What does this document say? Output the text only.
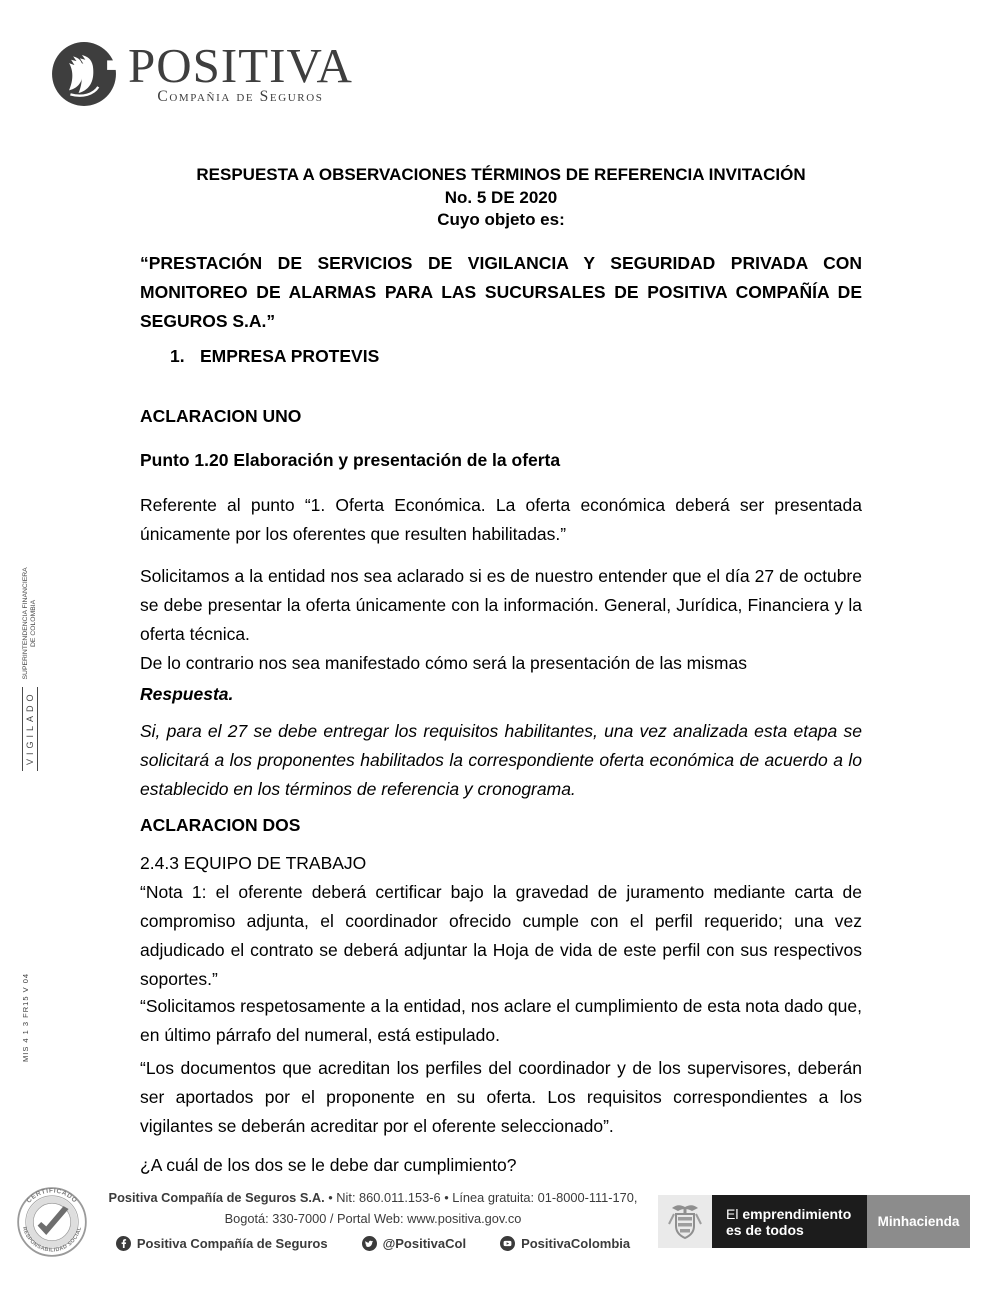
POSITIVA
Compañia de Seguros
RESPUESTA A OBSERVACIONES TÉRMINOS DE REFERENCIA INVITACIÓN
No. 5 DE 2020
Cuyo objeto es:
“PRESTACIÓN DE SERVICIOS DE VIGILANCIA Y SEGURIDAD PRIVADA CON MONITOREO DE ALARMAS PARA LAS SUCURSALES DE POSITIVA COMPAÑÍA DE SEGUROS S.A.”
1. EMPRESA PROTEVIS
ACLARACION UNO
Punto 1.20 Elaboración y presentación de la oferta
Referente al punto “1. Oferta Económica. La oferta económica deberá ser presentada únicamente por los oferentes que resulten habilitadas.”
Solicitamos a la entidad nos sea aclarado si es de nuestro entender que el día 27 de octubre se debe presentar la oferta únicamente con la información. General, Jurídica, Financiera y la oferta técnica.
De lo contrario nos sea manifestado cómo será la presentación de las mismas
Respuesta.
Si, para el 27 se debe entregar los requisitos habilitantes, una vez analizada esta etapa se solicitará a los proponentes habilitados la correspondiente oferta económica de acuerdo a lo establecido en los términos de referencia y cronograma.
ACLARACION DOS
2.4.3 EQUIPO DE TRABAJO
“Nota 1: el oferente deberá certificar bajo la gravedad de juramento mediante carta de compromiso adjunta, el coordinador ofrecido cumple con el perfil requerido; una vez adjudicado el contrato se deberá adjuntar la Hoja de vida de este perfil con sus respectivos soportes.”
“Solicitamos respetosamente a la entidad, nos aclare el cumplimiento de esta nota dado que, en último párrafo del numeral, está estipulado.
“Los documentos que acreditan los perfiles del coordinador y de los supervisores, deberán ser aportados por el proponente en su oferta. Los requisitos correspondientes a los vigilantes se deberán acreditar por el oferente seleccionado”.
¿A cuál de los dos se le debe dar cumplimiento?
VIGILADO
SUPERINTENDENCIA FINANCIERA
DE COLOMBIA
MIS 4 1 3 FR15 V 04
CERTIFICADO
RESPONSABILIDAD SOCIAL
Positiva Compañía de Seguros S.A. • Nit: 860.011.153-6 • Línea gratuita: 01-8000-111-170,
Bogotá: 330-7000 / Portal Web: www.positiva.gov.co
Positiva Compañía de Seguros	@PositivaCol	PositivaColombia
El emprendimiento
es de todos	Minhacienda
